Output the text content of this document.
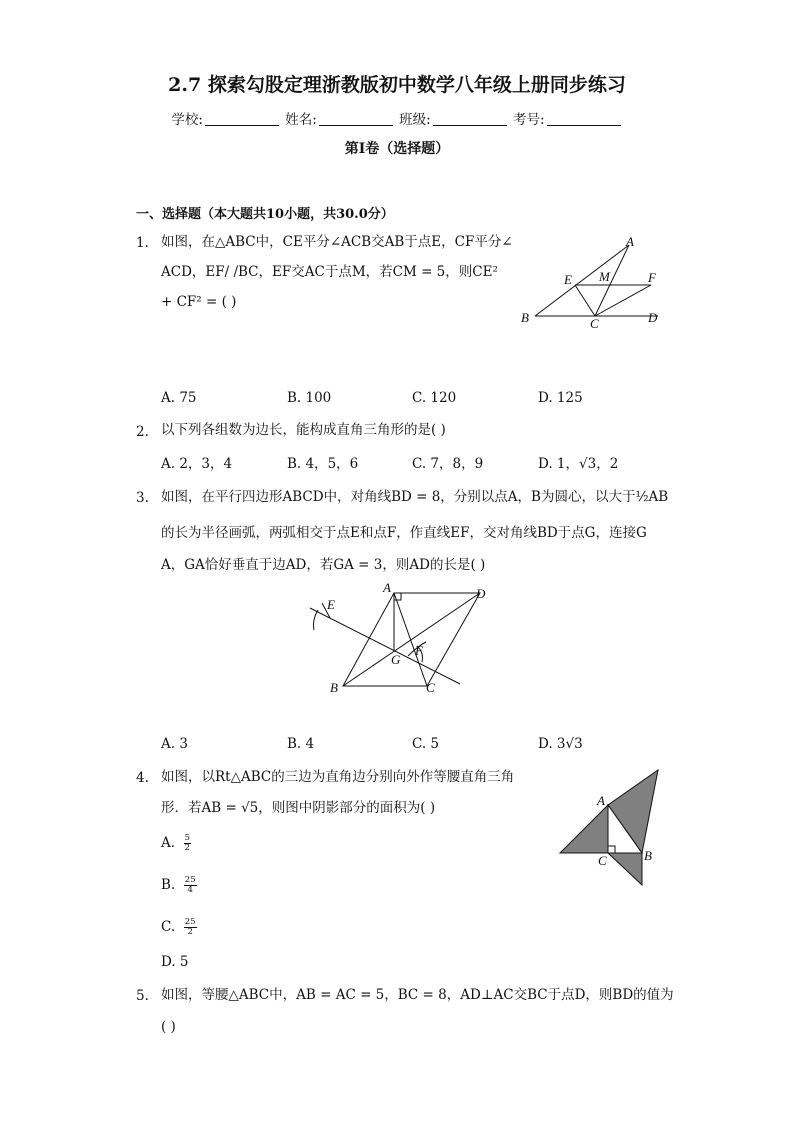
2.7 探索勾股定理浙教版初中数学八年级上册同步练习
学校:	姓名:	班级:	考号:
第I卷（选择题）
一、选择题（本大题共10小题，共30.0分）
1. 如图，在△ABC中，CE平分∠ACB交AB于点E，CF平分∠
ACD，EF/ /BC，EF交AC于点M，若CM = 5，则CE²
+ CF² = ( )
A
E M	F
B	C	D
A. 75	B. 100	C. 120	D. 125
2. 以下列各组数为边长，能构成直角三角形的是( )
A. 2，3，4	B. 4，5，6	C. 7，8，9	D. 1，√3，2
3. 如图，在平行四边形ABCD中，对角线BD = 8，分别以点A，B为圆心，以大于½AB
的长为半径画弧，两弧相交于点E和点F，作直线EF，交对角线BD于点G，连接G
A，GA恰好垂直于边AD，若GA = 3，则AD的长是( )
A	D
E
G
F
B	C
A. 3	B. 4	C. 5	D. 3√3
4. 如图，以Rt△ABC的三边为直角边分别向外作等腰直角三角
形．若AB = √5，则图中阴影部分的面积为( )	A
C	B
A. $\frac{5}{2}$
B. $\frac{25}{4}$
C. $\frac{25}{2}$
D. 5
5. 如图，等腰△ABC中，AB = AC = 5，BC = 8，AD⊥AC交BC于点D，则BD的值为
( )
